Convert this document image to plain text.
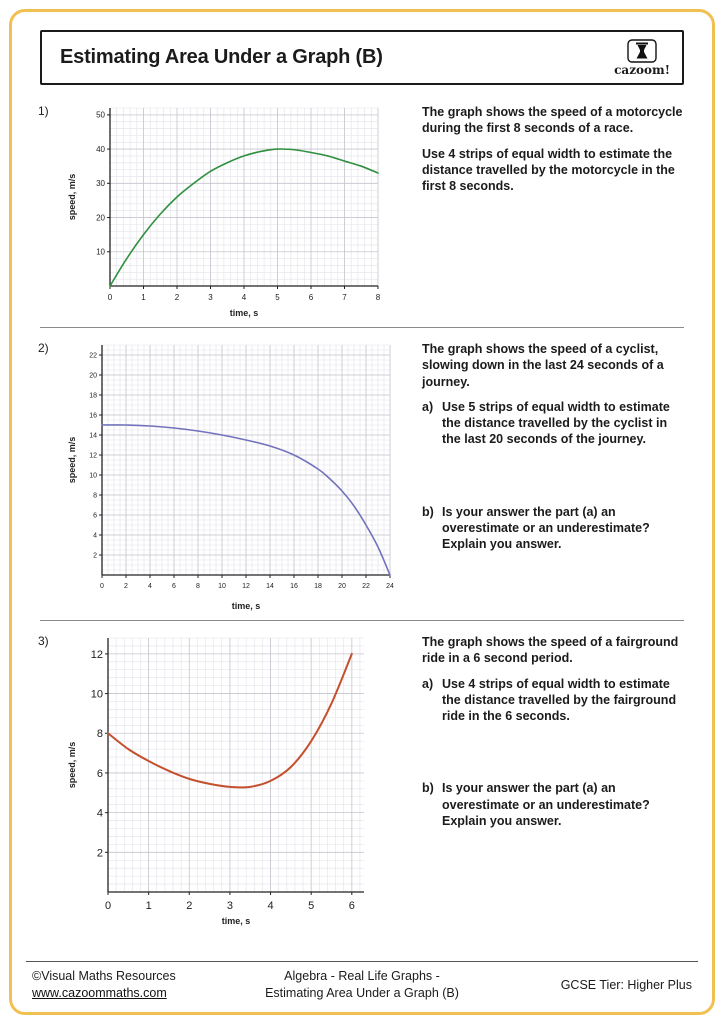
Estimating Area Under a Graph (B)
cazoom!
1)
0	1	2	3	4	5	6	7	8
10
20
30
40
50
time, s
speed, m/s

The graph shows the speed of a motorcycle during the first 8 seconds of a race.

Use 4 strips of equal width to estimate the distance travelled by the motorcycle in the first 8 seconds.

2)
0	2	4	6	8	10 12 14 16 18 20 22 24
2
4
6
8
10
12
14
16
18
20
22
time, s
speed, m/s

The graph shows the speed of a cyclist, slowing down in the last 24 seconds of a journey.

a) Use 5 strips of equal width to estimate the distance travelled by the cyclist in the last 20 seconds of the journey.
b) Is your answer the part (a) an overestimate or an underestimate? Explain you answer.
3)
0	1	2	3	4	5	6
2
4
6
8
10
12
time, s
speed, m/s

The graph shows the speed of a fairground ride in a 6 second period.

a) Use 4 strips of equal width to estimate the distance travelled by the fairground ride in the 6 seconds.
b) Is your answer the part (a) an overestimate or an underestimate? Explain you answer.
©Visual Maths Resources
www.cazoommaths.com
Algebra - Real Life Graphs -
Estimating Area Under a Graph (B)
GCSE Tier: Higher Plus
